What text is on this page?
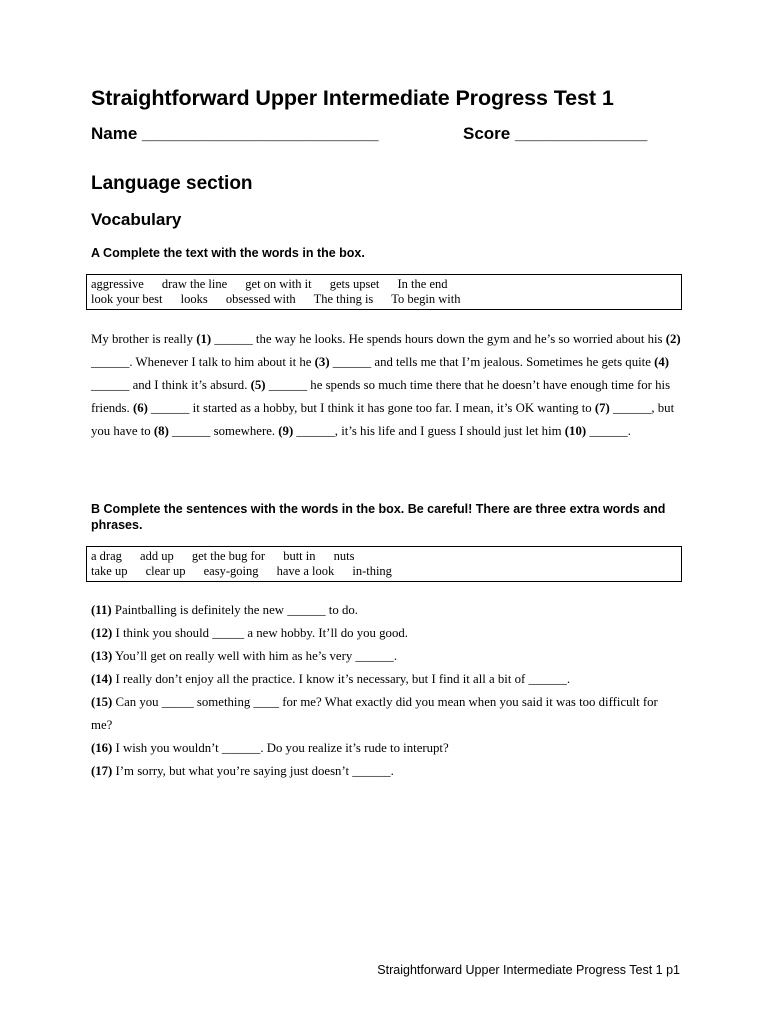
Straightforward Upper Intermediate Progress Test 1
Name _________________________	Score ______________
Language section
Vocabulary
A Complete the text with the words in the box.
aggressive draw the line get on with it gets upset In the end
look your best looks obsessed with The thing is To begin with

My brother is really (1) ______ the way he looks. He spends hours down the gym and he’s so worried about his (2) ______. Whenever I talk to him about it he (3) ______ and tells me that I’m jealous. Sometimes he gets quite (4) ______ and I think it’s absurd. (5) ______ he spends so much time there that he doesn’t have enough time for his friends. (6) ______ it started as a hobby, but I think it has gone too far. I mean, it’s OK wanting to (7) ______, but you have to (8) ______ somewhere. (9) ______, it’s his life and I guess I should just let him (10) ______.

B Complete the sentences with the words in the box. Be careful! There are three extra words and phrases.
a drag add up get the bug for butt in nuts
take up clear up easy-going have a look in-thing
(11) Paintballing is definitely the new ______ to do.
(12) I think you should _____ a new hobby. It’ll do you good.
(13) You’ll get on really well with him as he’s very ______.
(14) I really don’t enjoy all the practice. I know it’s necessary, but I find it all a bit of ______.
(15) Can you _____ something ____ for me? What exactly did you mean when you said it was too difficult for me?
(16) I wish you wouldn’t ______. Do you realize it’s rude to interupt?
(17) I’m sorry, but what you’re saying just doesn’t ______.
Straightforward Upper Intermediate Progress Test 1 p1
